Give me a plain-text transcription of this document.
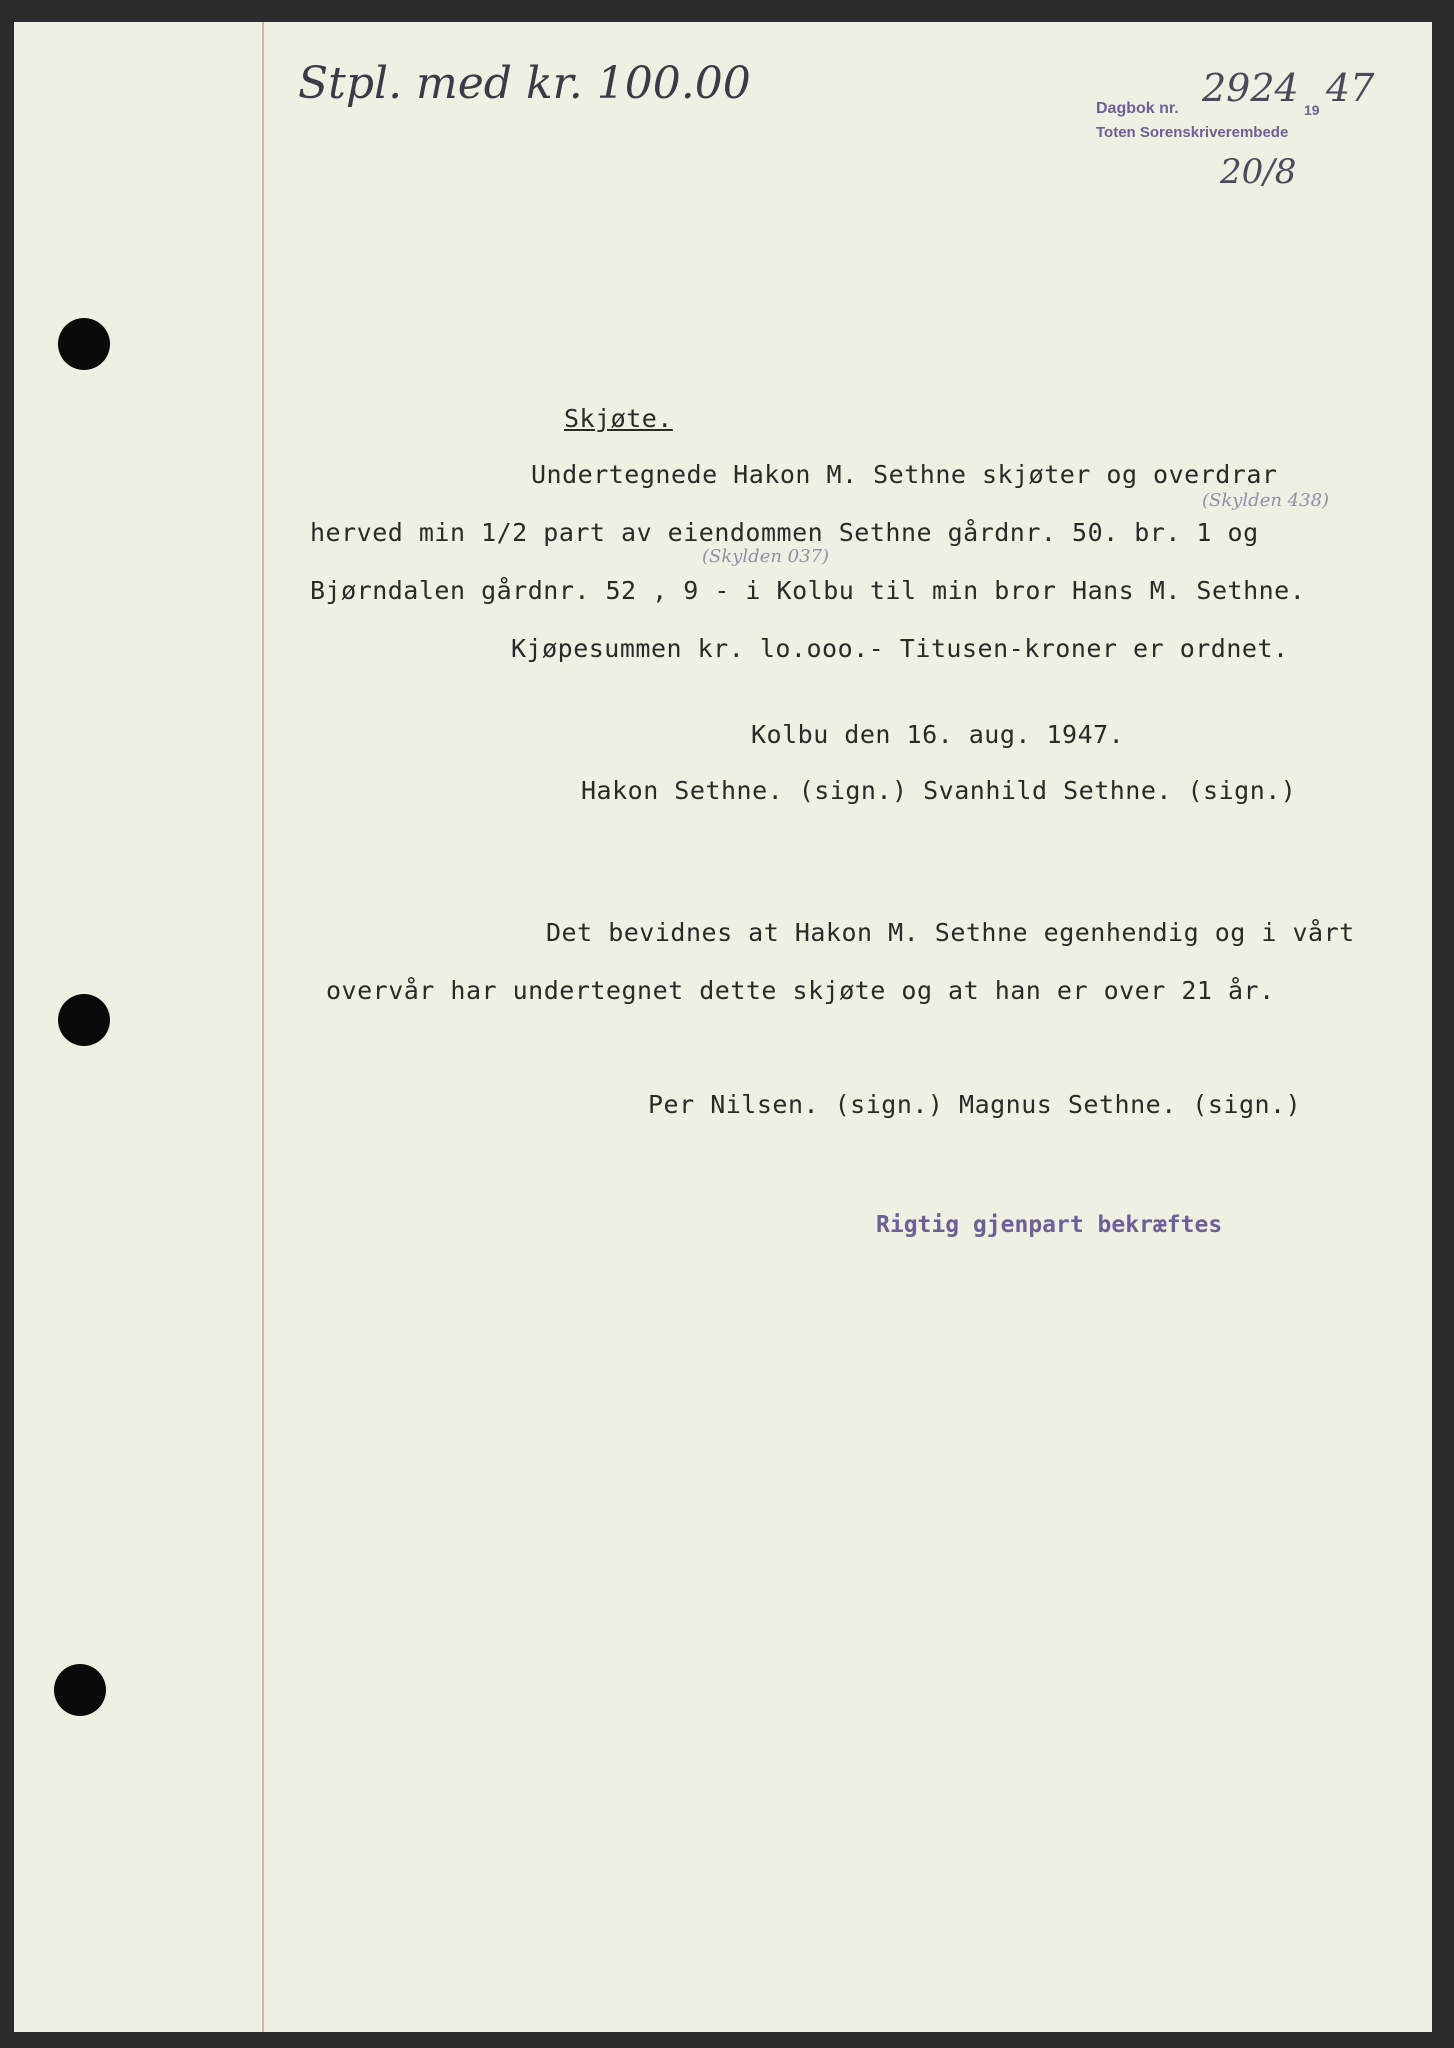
Stpl. med kr. 100.00	Dagbok nr. 2924 19 47
Toten Sorenskriverembede
20/8
Skjøte.
Undertegnede Hakon M. Sethne skjøter og overdrar
(Skylden 438)
herved min 1/2 part av eiendommen Sethne gårdnr. 50. br. 1 og
(Skylden 037)
Bjørndalen gårdnr. 52 , 9 - i Kolbu til min bror Hans M. Sethne.
Kjøpesummen kr. lo.ooo.- Titusen-kroner er ordnet.
Kolbu den 16. aug. 1947.
Hakon Sethne. (sign.) Svanhild Sethne. (sign.)
Det bevidnes at Hakon M. Sethne egenhendig og i vårt
overvår har undertegnet dette skjøte og at han er over 21 år.
Per Nilsen. (sign.) Magnus Sethne. (sign.)
Rigtig gjenpart bekræftes
